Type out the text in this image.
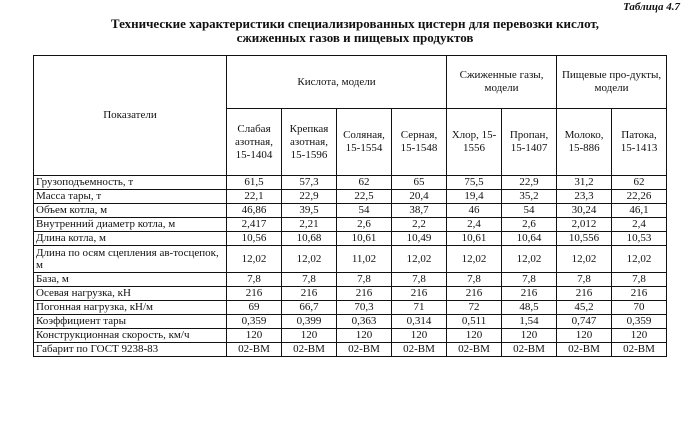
Таблица 4.7
Технические характеристики специализированных цистерн для перевозки кислот,
сжиженных газов и пищевых продуктов
Показатели	Кислота, модели				Сжиженные газы, модели		Пищевые про-дукты, модели	
	Слабая азотная, 15-1404	Крепкая азотная, 15-1596	Соляная, 15-1554	Серная, 15-1548	Хлор, 15-1556	Пропан, 15-1407	Молоко, 15-886	Патока, 15-1413
Грузоподъемность, т	61,5	57,3	62	65	75,5	22,9	31,2	62
Масса тары, т	22,1	22,9	22,5	20,4	19,4	35,2	23,3	22,26
Объем котла, м	46,86	39,5	54	38,7	46	54	30,24	46,1
Внутренний диаметр котла, м	2,417	2,21	2,6	2,2	2,4	2,6	2,012	2,4
Длина котла, м	10,56	10,68	10,61	10,49	10,61	10,64	10,556	10,53
Длина по осям сцепления ав-тосцепок, м	12,02	12,02	11,02	12,02	12,02	12,02	12,02	12,02
База, м	7,8	7,8	7,8	7,8	7,8	7,8	7,8	7,8
Осевая нагрузка, кН	216	216	216	216	216	216	216	216
Погонная нагрузка, кН/м	69	66,7	70,3	71	72	48,5	45,2	70
Коэффициент тары	0,359	0,399	0,363	0,314	0,511	1,54	0,747	0,359
Конструкционная скорость, км/ч	120	120	120	120	120	120	120	120
Габарит по ГОСТ 9238-83	02-ВМ	02-ВМ	02-ВМ	02-ВМ	02-ВМ	02-ВМ	02-ВМ	02-ВМ
